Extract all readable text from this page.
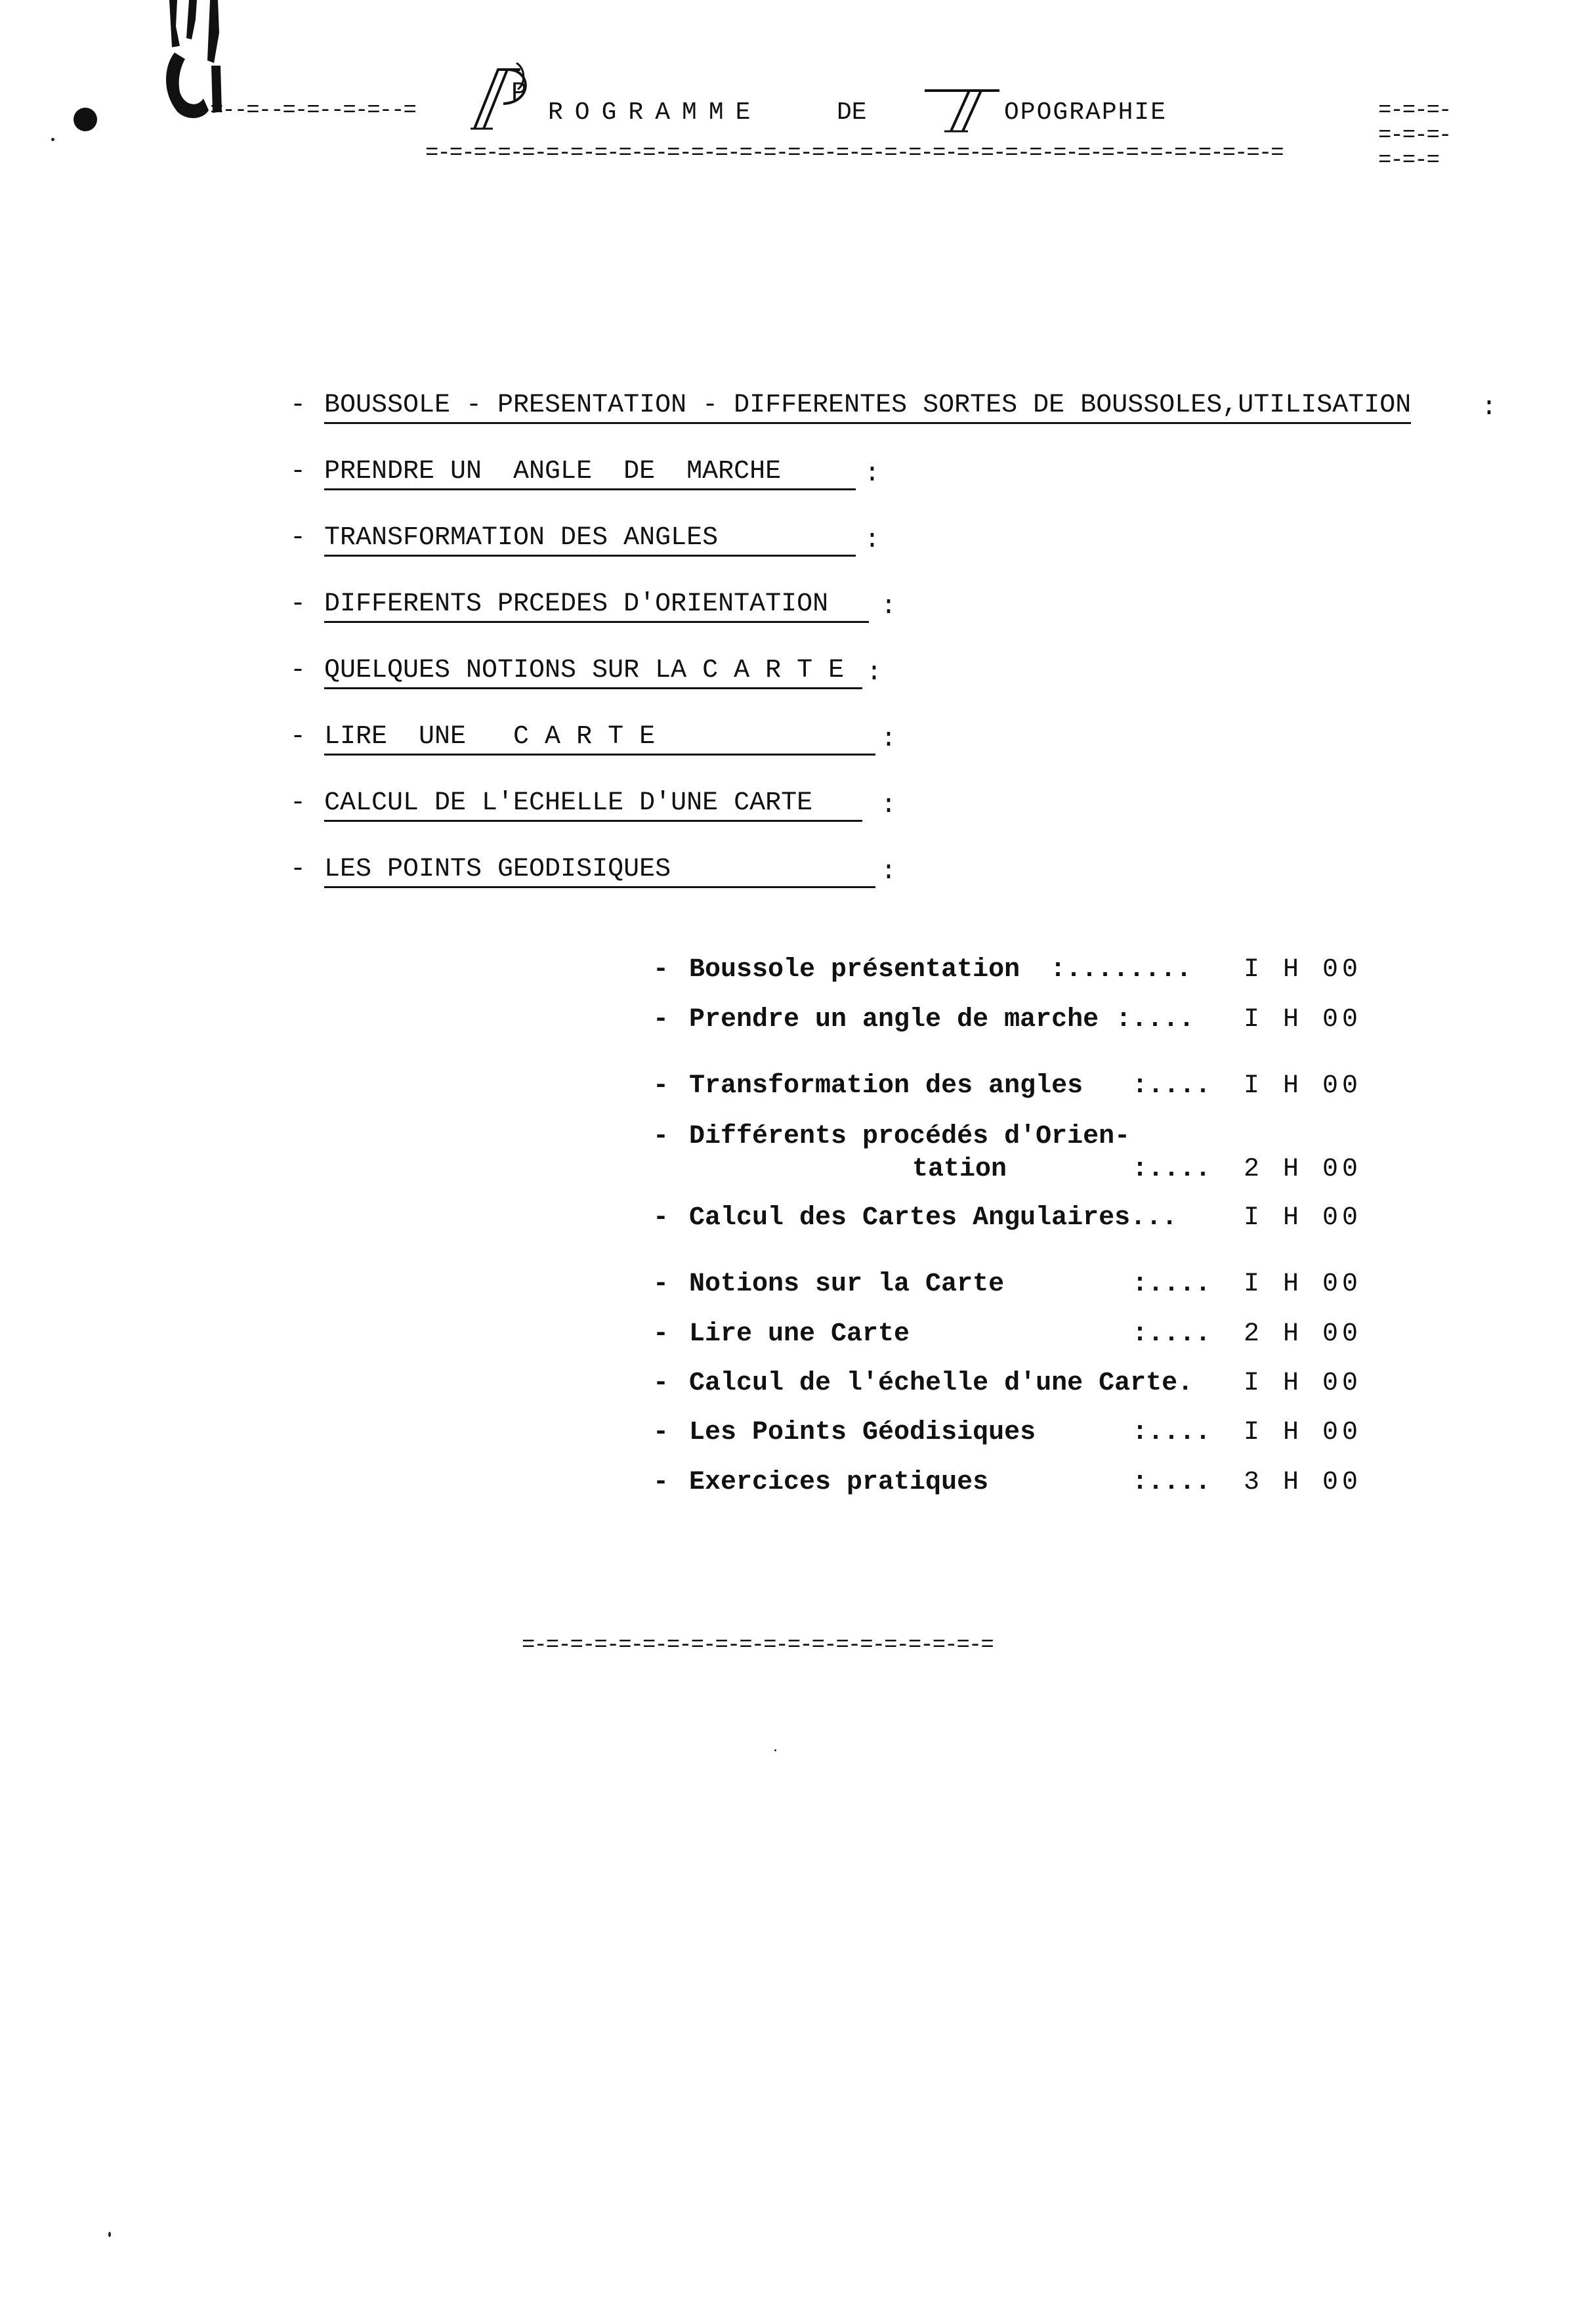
=--=--=-=--=-=--=
P
ROGRAMME	DE
T
OPOGRAPHIE	=-=-=-=-=-=-=-=-=
=-=-=-=-=-=-=-=-=-=-=-=-=-=-=-=-=-=-=-=-=-=-=-=-=-=-=-=-=-=-=-=-=-=-=-=
- BOUSSOLE - PRESENTATION - DIFFERENTES SORTES DE BOUSSOLES,UTILISATION	:
- PRENDRE UN  ANGLE  DE  MARCHE	:
- TRANSFORMATION DES ANGLES	:
- DIFFERENTS PRCEDES D'ORIENTATION	:
- QUELQUES NOTIONS SUR LA C A R T E :
- LIRE  UNE   C A R T E	:
- CALCUL DE L'ECHELLE D'UNE CARTE	:
- LES POINTS GEODISIQUES	:
- Boussole présentation :........ I H 00
- Prendre un angle de marche :.... I H 00
- Transformation des angles :.... I H 00
- Différents procédés d'Orien-
tation	:.... 2 H 00
- Calcul des Cartes Angulaires...	I H 00
- Notions sur la Carte	:.... I H 00
- Lire une Carte	:.... 2 H 00
- Calcul de l'échelle d'une Carte. I H 00
- Les Points Géodisiques	:.... I H 00
- Exercices pratiques	:.... 3 H 00
=-=-=-=-=-=-=-=-=-=-=-=-=-=-=-=-=-=-=-=
